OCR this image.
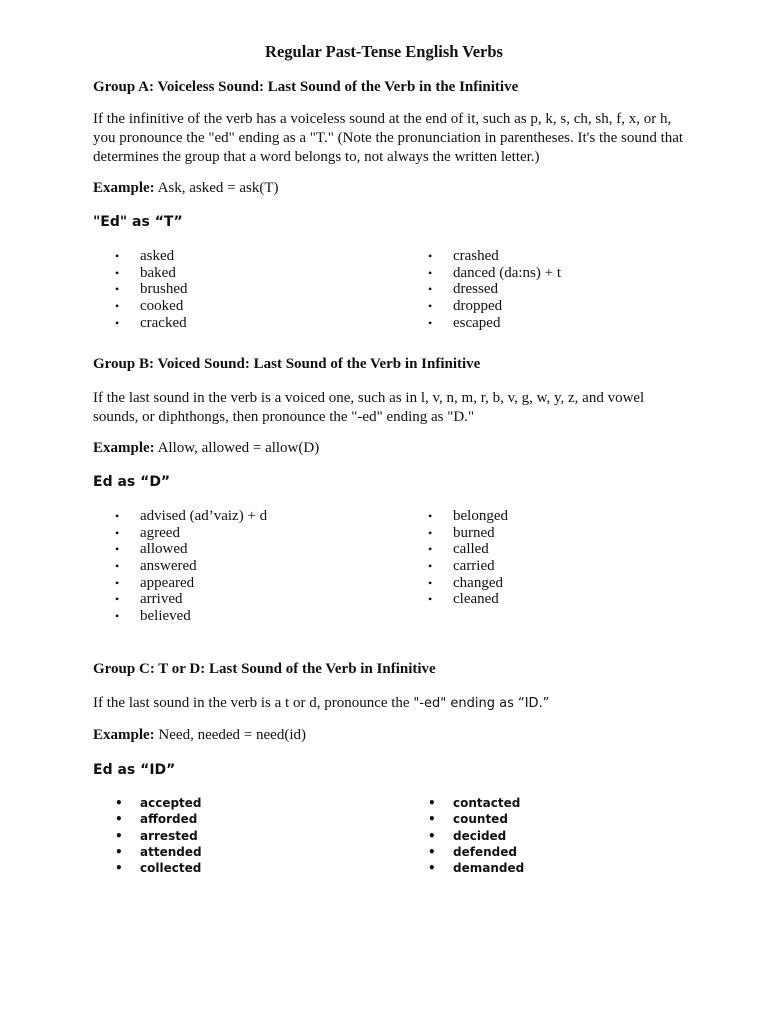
Regular Past-Tense English Verbs
Group A: Voiceless Sound: Last Sound of the Verb in the Infinitive
If the infinitive of the verb has a voiceless sound at the end of it, such as p, k, s, ch, sh, f, x, or h, you pronounce the "ed" ending as a "T." (Note the pronunciation in parentheses. It's the sound that determines the group that a word belongs to, not always the written letter.)
Example: Ask, asked = ask(T)
"Ed" as “T”
• asked
• baked
• brushed
• cooked
• cracked
• crashed
• danced (da:ns) + t
• dressed
• dropped
• escaped
Group B: Voiced Sound: Last Sound of the Verb in Infinitive
If the last sound in the verb is a voiced one, such as in l, v, n, m, r, b, v, g, w, y, z, and vowel sounds, or diphthongs, then pronounce the "-ed" ending as "D."
Example: Allow, allowed = allow(D)
Ed as “D”
• advised (ad’vaiz) + d
• agreed
• allowed
• answered
• appeared
• arrived
• believed
• belonged
• burned
• called
• carried
• changed
• cleaned
Group C: T or D: Last Sound of the Verb in Infinitive
If the last sound in the verb is a t or d, pronounce the "-ed" ending as “ID.”
Example: Need, needed = need(id)
Ed as “ID”
• accepted
• afforded
• arrested
• attended
• collected
• contacted
• counted
• decided
• defended
• demanded
